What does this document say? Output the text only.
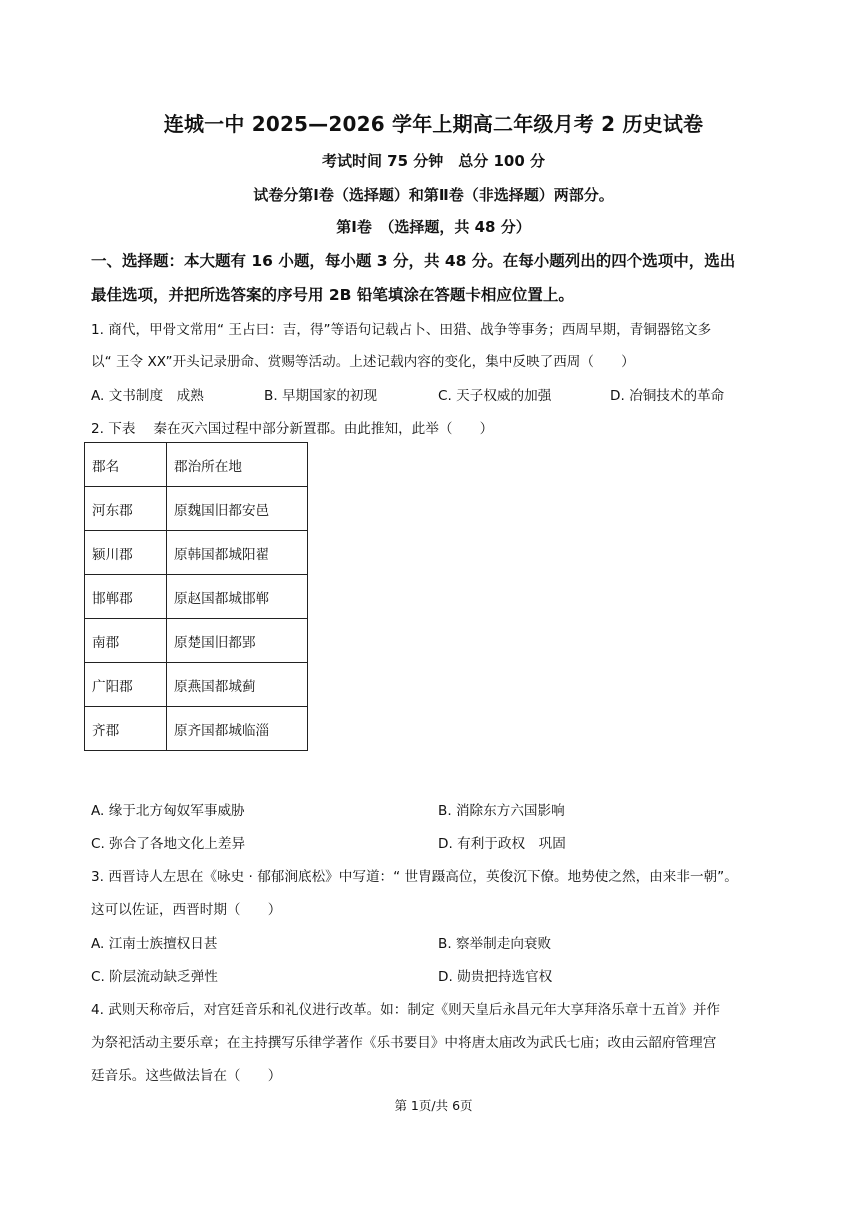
连城一中 2025—2026 学年上期高二年级月考 2 历史试卷
考试时间 75 分钟　总分 100 分
试卷分第Ⅰ卷（选择题）和第Ⅱ卷（非选择题）两部分。
第Ⅰ卷　（选择题，共 48 分）
一、选择题：本大题有 16 小题，每小题 3 分，共 48 分。在每小题列出的四个选项中，选出
最佳选项，并把所选答案的序号用 2B 铅笔填涂在答题卡相应位置上。
1. 商代，甲骨文常用“ 王占曰：吉，得”等语句记载占卜、田猎、战争等事务；西周早期，青铜器铭文多
以“ 王令 XX”开头记录册命、赏赐等活动。上述记载内容的变化，集中反映了西周（　　）
A. 文书制度　成熟	B. 早期国家的初现	C. 天子权威的加强	D. 冶铜技术的革命
2. 下表　 秦在灭六国过程中部分新置郡。由此推知，此举（　　）
郡名	郡治所在地
河东郡	原魏国旧都安邑
颍川郡	原韩国都城阳翟
邯郸郡	原赵国都城邯郸
南郡	原楚国旧都郢
广阳郡	原燕国都城蓟
齐郡	原齐国都城临淄
A. 缘于北方匈奴军事威胁	B. 消除东方六国影响
C. 弥合了各地文化上差异	D. 有利于政权　巩固
3. 西晋诗人左思在《咏史 · 郁郁涧底松》中写道：“ 世胄蹑高位，英俊沉下僚。地势使之然，由来非一朝”。
这可以佐证，西晋时期（　　）
A. 江南士族擅权日甚	B. 察举制走向衰败
C. 阶层流动缺乏弹性	D. 勋贵把持选官权
4. 武则天称帝后，对宫廷音乐和礼仪进行改革。如：制定《则天皇后永昌元年大享拜洛乐章十五首》并作
为祭祀活动主要乐章；在主持撰写乐律学著作《乐书要目》中将唐太庙改为武氏七庙；改由云韶府管理宫
廷音乐。这些做法旨在（　　）
第 1页/共 6页
